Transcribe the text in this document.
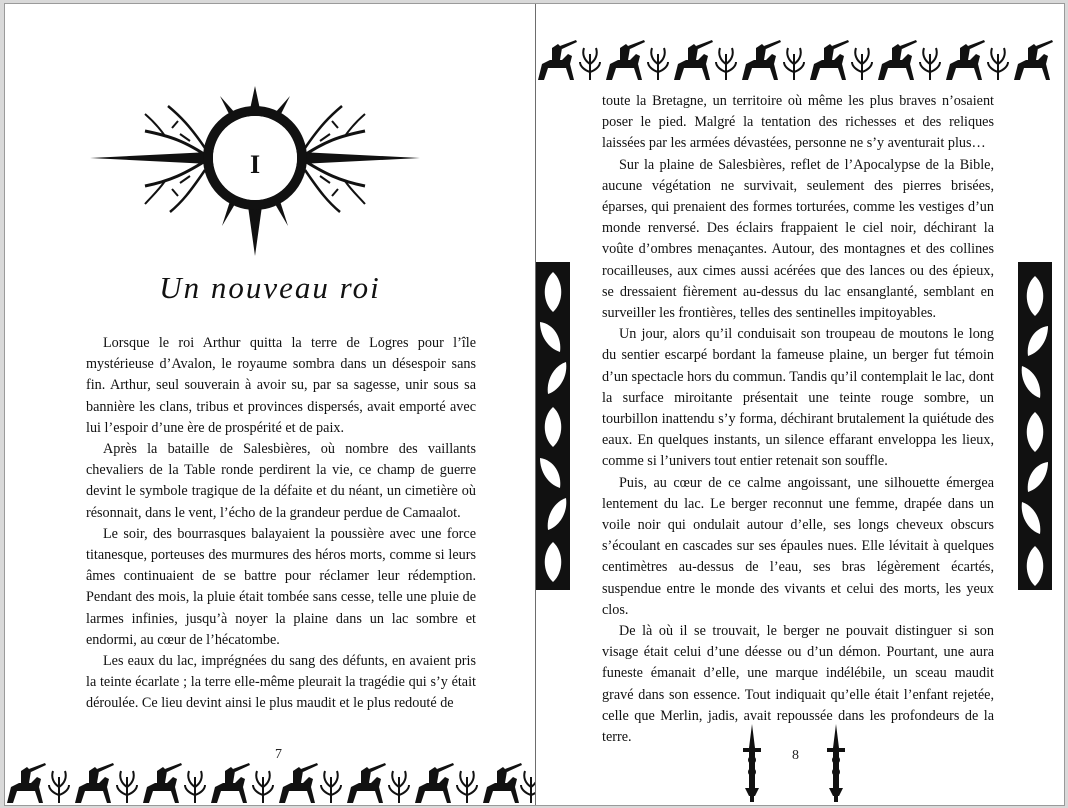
I
Un nouveau roi

Lorsque le roi Arthur quitta la terre de Logres pour l’île mystérieuse d’Avalon, le royaume sombra dans un désespoir sans fin. Arthur, seul souverain à avoir su, par sa sagesse, unir sous sa bannière les clans, tribus et provinces dispersés, avait emporté avec lui l’espoir d’une ère de prospérité et de paix.

Après la bataille de Salesbières, où nombre des vaillants chevaliers de la Table ronde perdirent la vie, ce champ de guerre devint le symbole tragique de la défaite et du néant, un cimetière où résonnait, dans le vent, l’écho de la grandeur perdue de Camaalot.

Le soir, des bourrasques balayaient la poussière avec une force titanesque, porteuses des murmures des héros morts, comme si leurs âmes continuaient de se battre pour réclamer leur rédemption. Pendant des mois, la pluie était tombée sans cesse, telle une pluie de larmes infinies, jusqu’à noyer la plaine dans un lac sombre et endormi, au cœur de l’hécatombe.

Les eaux du lac, imprégnées du sang des défunts, en avaient pris la teinte écarlate ; la terre elle-même pleurait la tragédie qui s’y était déroulée. Ce lieu devint ainsi le plus maudit et le plus redouté de

7

toute la Bretagne, un territoire où même les plus braves n’osaient poser le pied. Malgré la tentation des richesses et des reliques laissées par les armées dévastées, personne ne s’y aventurait plus…

Sur la plaine de Salesbières, reflet de l’Apocalypse de la Bible, aucune végétation ne survivait, seulement des pierres brisées, éparses, qui prenaient des formes torturées, comme les vestiges d’un monde renversé. Des éclairs frappaient le ciel noir, déchirant la voûte d’ombres menaçantes. Autour, des montagnes et des collines rocailleuses, aux cimes aussi acérées que des lances ou des épieux, se dressaient fièrement au-dessus du lac ensanglanté, semblant en surveiller les frontières, telles des sentinelles impitoyables.

Un jour, alors qu’il conduisait son troupeau de moutons le long du sentier escarpé bordant la fameuse plaine, un berger fut témoin d’un spectacle hors du commun. Tandis qu’il contemplait le lac, dont la surface miroitante présentait une teinte rouge sombre, un tourbillon inattendu s’y forma, déchirant brutalement la quiétude des eaux. En quelques instants, un silence effarant enveloppa les lieux, comme si l’univers tout entier retenait son souffle.

Puis, au cœur de ce calme angoissant, une silhouette émergea lentement du lac. Le berger reconnut une femme, drapée dans un voile noir qui ondulait autour d’elle, ses longs cheveux obscurs s’écoulant en cascades sur ses épaules nues. Elle lévitait à quelques centimètres au-dessus de l’eau, ses bras légèrement écartés, suspendue entre le monde des vivants et celui des morts, les yeux clos.

De là où il se trouvait, le berger ne pouvait distinguer si son visage était celui d’une déesse ou d’un démon. Pourtant, une aura funeste émanait d’elle, une marque indélébile, un sceau maudit gravé dans son essence. Tout indiquait qu’elle était l’enfant rejetée, celle que Merlin, jadis, avait repoussée dans les profondeurs de la terre.

8
